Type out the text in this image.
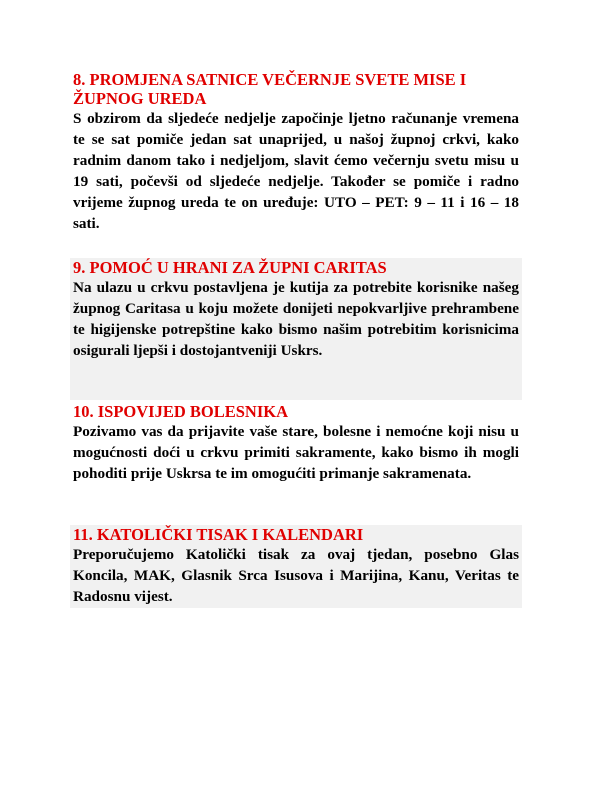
8. PROMJENA SATNICE VEČERNJE SVETE MISE I ŽUPNOG UREDA

S obzirom da sljedeće nedjelje započinje ljetno računanje vremena te se sat pomiče jedan sat unaprijed, u našoj župnoj crkvi, kako radnim danom tako i nedjeljom, slavit ćemo večernju svetu misu u 19 sati, počevši od sljedeće nedjelje. Također se pomiče i radno vrijeme župnog ureda te on uređuje: UTO – PET: 9 – 11 i 16 – 18 sati.

9. POMOĆ U HRANI ZA ŽUPNI CARITAS

Na ulazu u crkvu postavljena je kutija za potrebite korisnike našeg župnog Caritasa u koju možete donijeti nepokvarljive prehrambene te higijenske potrepštine kako bismo našim potrebitim korisnicima osigurali ljepši i dostojantveniji Uskrs.

10. ISPOVIJED BOLESNIKA

Pozivamo vas da prijavite vaše stare, bolesne i nemoćne koji nisu u mogućnosti doći u crkvu primiti sakramente, kako bismo ih mogli pohoditi prije Uskrsa te im omogućiti primanje sakramenata.

11. KATOLIČKI TISAK I KALENDARI

Preporučujemo Katolički tisak za ovaj tjedan, posebno Glas Koncila, MAK, Glasnik Srca Isusova i Marijina, Kanu, Veritas te Radosnu vijest.
